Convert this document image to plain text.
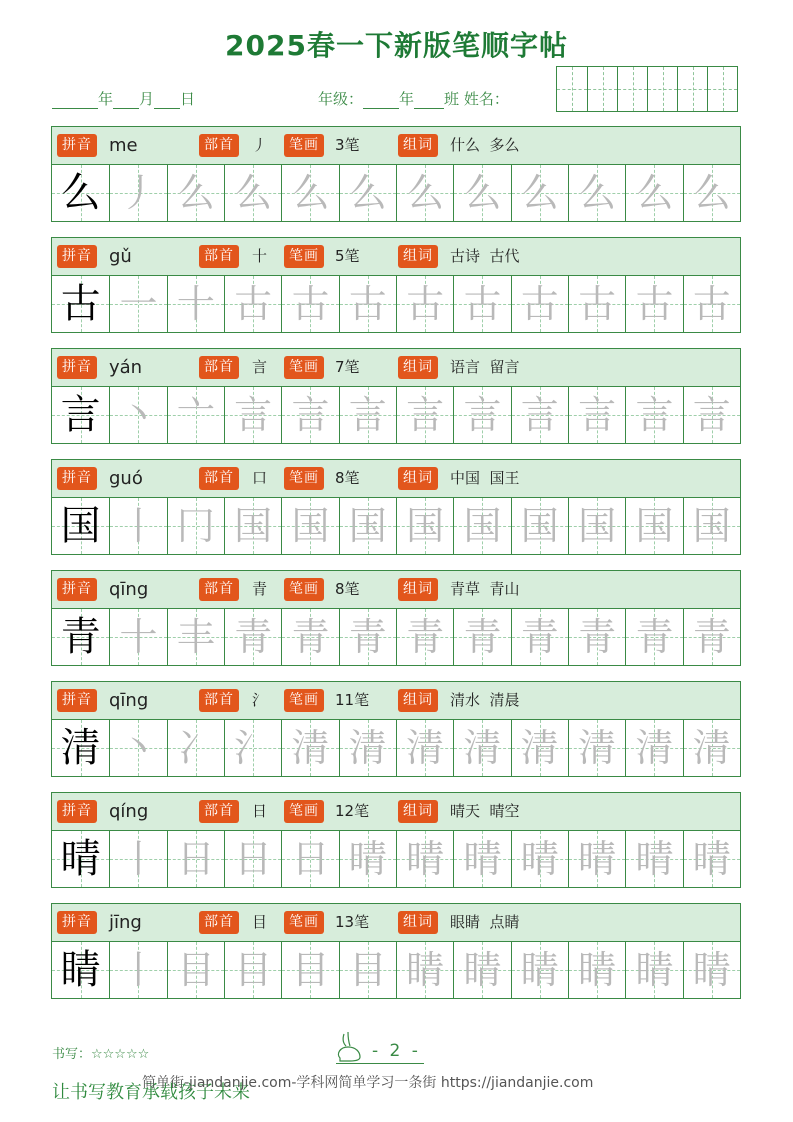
2025春一下新版笔顺字帖
年 月 日	年级： 年 班 姓名：
拼音 me	部首	丿	笔画	3笔	组词	什么  多么
么 丿 么 么 么 么 么 么 么 么 么 么
拼音 gǔ	部首	十	笔画	5笔	组词	古诗  古代
古 一 十 古 古 古 古 古 古 古 古 古
拼音 yán	部首	言	笔画	7笔	组词	语言  留言
言 丶 亠 言 言 言 言 言 言 言 言 言
拼音 guó	部首	口	笔画	8笔	组词	中国  国王
国 丨 冂 国 国 国 国 国 国 国 国 国
拼音 qīng	部首	青	笔画	8笔	组词	青草  青山
青 十 丰 青 青 青 青 青 青 青 青 青
拼音 qīng	部首	氵	笔画	11笔	组词	清水  清晨
清 丶 冫 氵 清 清 清 清 清 清 清 清
拼音 qíng	部首	日	笔画	12笔	组词	晴天  晴空
晴 丨 日 日 日 晴 晴 晴 晴 晴 晴 晴
拼音 jīng	部首	目	笔画	13笔	组词	眼睛  点睛
睛 丨 目 目 目 目 睛 睛 睛 睛 睛 睛
书写：☆☆☆☆☆	- 2 -
让书写教育承载孩子未来
简单街-jiandanjie.com-学科网简单学习一条街 https://jiandanjie.com
